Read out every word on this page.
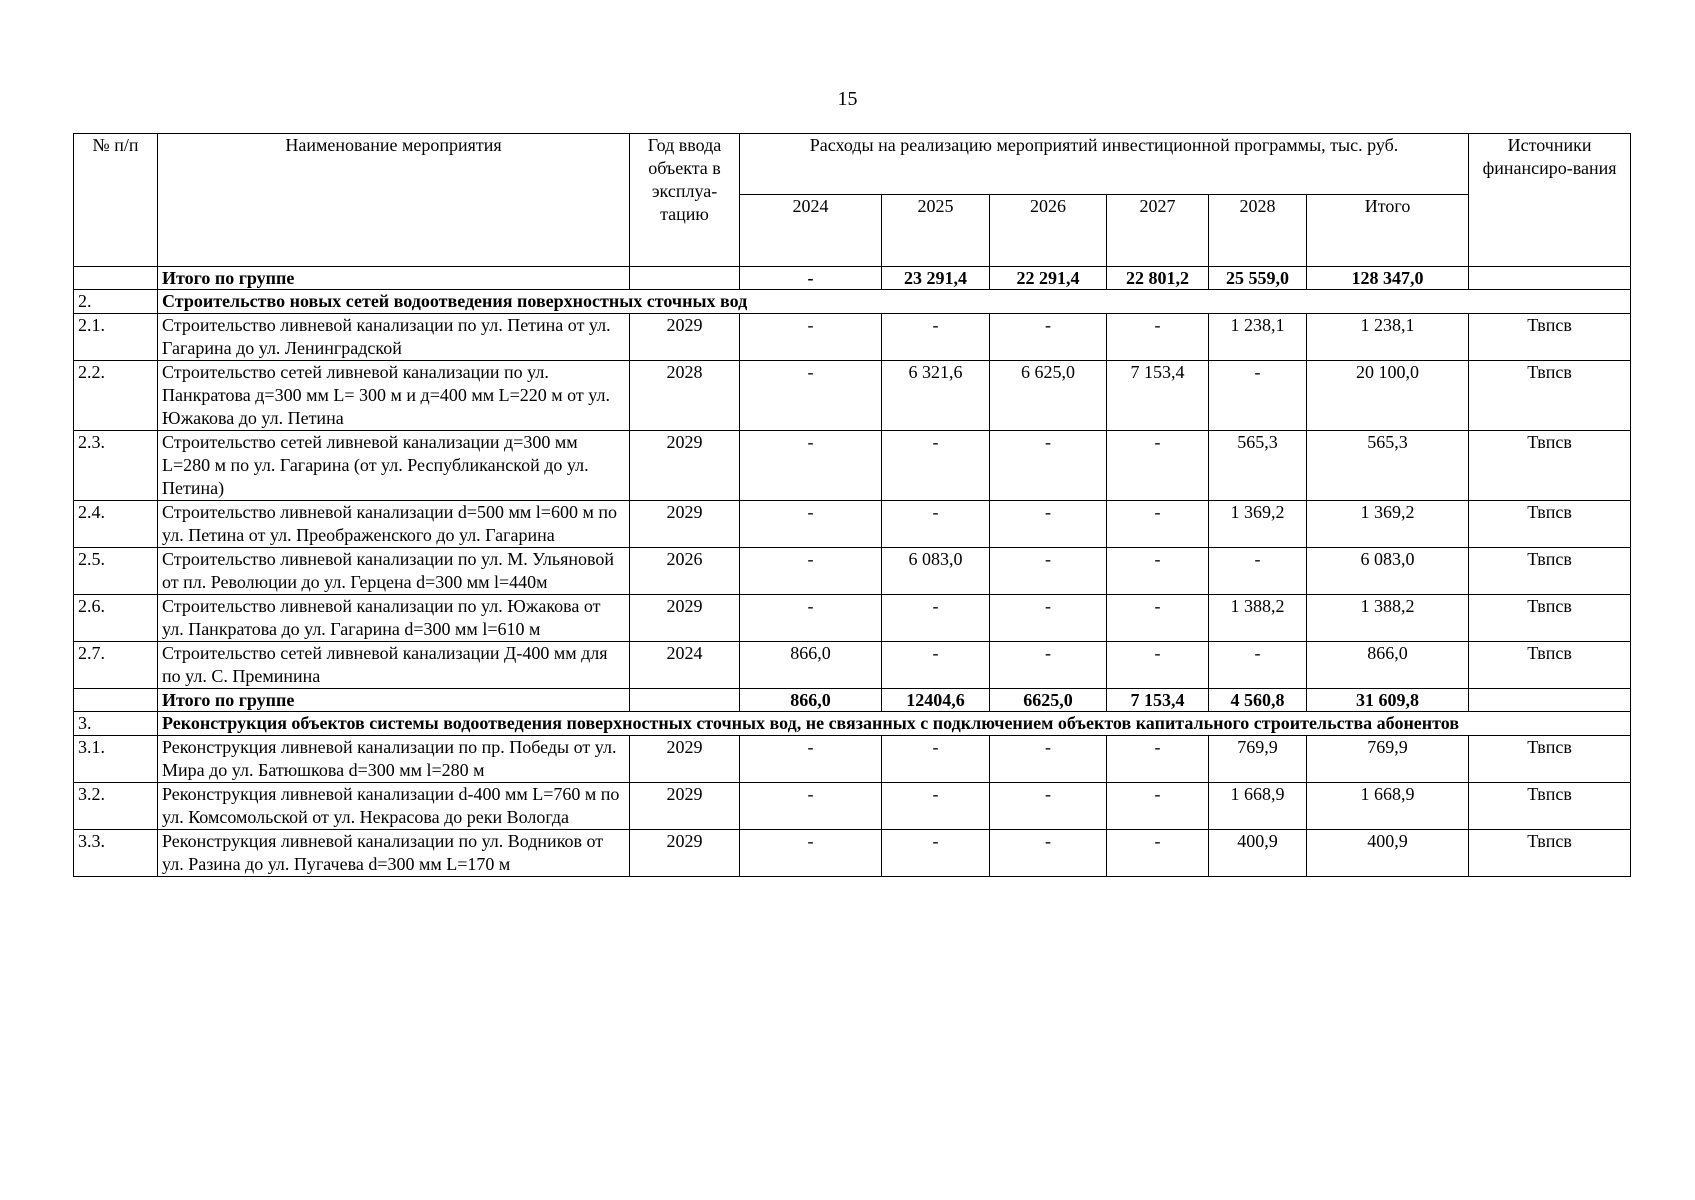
15
№ п/п	Наименование мероприятия	Год ввода объекта в эксплуа-тацию	Расходы на реализацию мероприятий инвестиционной программы, тыс. руб.						Источники финансиро-вания
			2024	2025	2026	2027	2028	Итого	
	Итого по группе		-	23 291,4	22 291,4	22 801,2	25 559,0	128 347,0	
2.	Строительство новых сетей водоотведения поверхностных сточных вод								
2.1.	Строительство ливневой канализации по ул. Петина от ул. Гагарина до ул. Ленинградской	2029	-	-	-	-	1 238,1	1 238,1	Твпсв
2.2.	Строительство сетей ливневой канализации по ул. Панкратова д=300 мм L= 300 м и д=400 мм L=220 м от ул. Южакова до ул. Петина	2028	-	6 321,6	6 625,0	7 153,4	-	20 100,0	Твпсв
2.3.	Строительство сетей ливневой канализации д=300 мм L=280 м по ул. Гагарина (от ул. Республиканской до ул. Петина)	2029	-	-	-	-	565,3	565,3	Твпсв
2.4.	Строительство ливневой канализации d=500 мм l=600 м по ул. Петина от ул. Преображенского до ул. Гагарина	2029	-	-	-	-	1 369,2	1 369,2	Твпсв
2.5.	Строительство ливневой канализации по ул. М. Ульяновой от пл. Революции до ул. Герцена d=300 мм l=440м	2026	-	6 083,0	-	-	-	6 083,0	Твпсв
2.6.	Строительство ливневой канализации по ул. Южакова от ул. Панкратова до ул. Гагарина d=300 мм l=610 м	2029	-	-	-	-	1 388,2	1 388,2	Твпсв
2.7.	Строительство сетей ливневой канализации Д-400 мм для по ул. С. Преминина	2024	866,0	-	-	-	-	866,0	Твпсв
	Итого по группе		866,0	12404,6	6625,0	7 153,4	4 560,8	31 609,8	
3.	Реконструкция объектов системы водоотведения поверхностных сточных вод, не связанных с подключением объектов капитального строительства абонентов								
3.1.	Реконструкция ливневой канализации по пр. Победы от ул. Мира до ул. Батюшкова d=300 мм l=280 м	2029	-	-	-	-	769,9	769,9	Твпсв
3.2.	Реконструкция ливневой канализации d-400 мм L=760 м по ул. Комсомольской от ул. Некрасова до реки Вологда	2029	-	-	-	-	1 668,9	1 668,9	Твпсв
3.3.	Реконструкция ливневой канализации по ул. Водников от ул. Разина до ул. Пугачева d=300 мм L=170 м	2029	-	-	-	-	400,9	400,9	Твпсв
